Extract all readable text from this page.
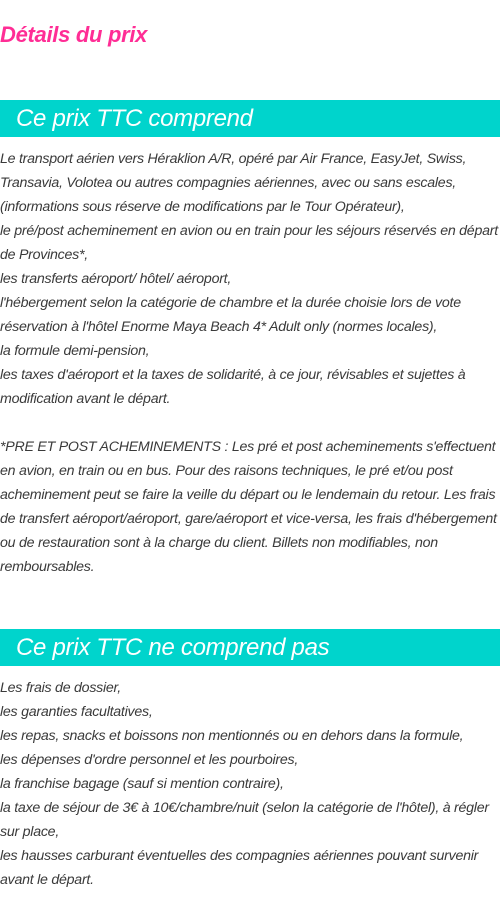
Détails du prix
Ce prix TTC comprend
Le transport aérien vers Héraklion A/R, opéré par Air France, EasyJet, Swiss, Transavia, Volotea ou autres compagnies aériennes, avec ou sans escales, (informations sous réserve de modifications par le Tour Opérateur),
le pré/post acheminement en avion ou en train pour les séjours réservés en départ de Provinces*,
les transferts aéroport/ hôtel/ aéroport,
l'hébergement selon la catégorie de chambre et la durée choisie lors de vote réservation à l'hôtel Enorme Maya Beach 4* Adult only (normes locales),
la formule demi-pension,
les taxes d'aéroport et la taxes de solidarité, à ce jour, révisables et sujettes à modification avant le départ.
*PRE ET POST ACHEMINEMENTS : Les pré et post acheminements s'effectuent en avion, en train ou en bus. Pour des raisons techniques, le pré et/ou post acheminement peut se faire la veille du départ ou le lendemain du retour. Les frais de transfert aéroport/aéroport, gare/aéroport et vice-versa, les frais d'hébergement ou de restauration sont à la charge du client. Billets non modifiables, non remboursables.
Ce prix TTC ne comprend pas
Les frais de dossier,
les garanties facultatives,
les repas, snacks et boissons non mentionnés ou en dehors dans la formule,
les dépenses d'ordre personnel et les pourboires,
la franchise bagage (sauf si mention contraire),
la taxe de séjour de 3€ à 10€/chambre/nuit (selon la catégorie de l'hôtel), à régler sur place,
les hausses carburant éventuelles des compagnies aériennes pouvant survenir avant le départ.
